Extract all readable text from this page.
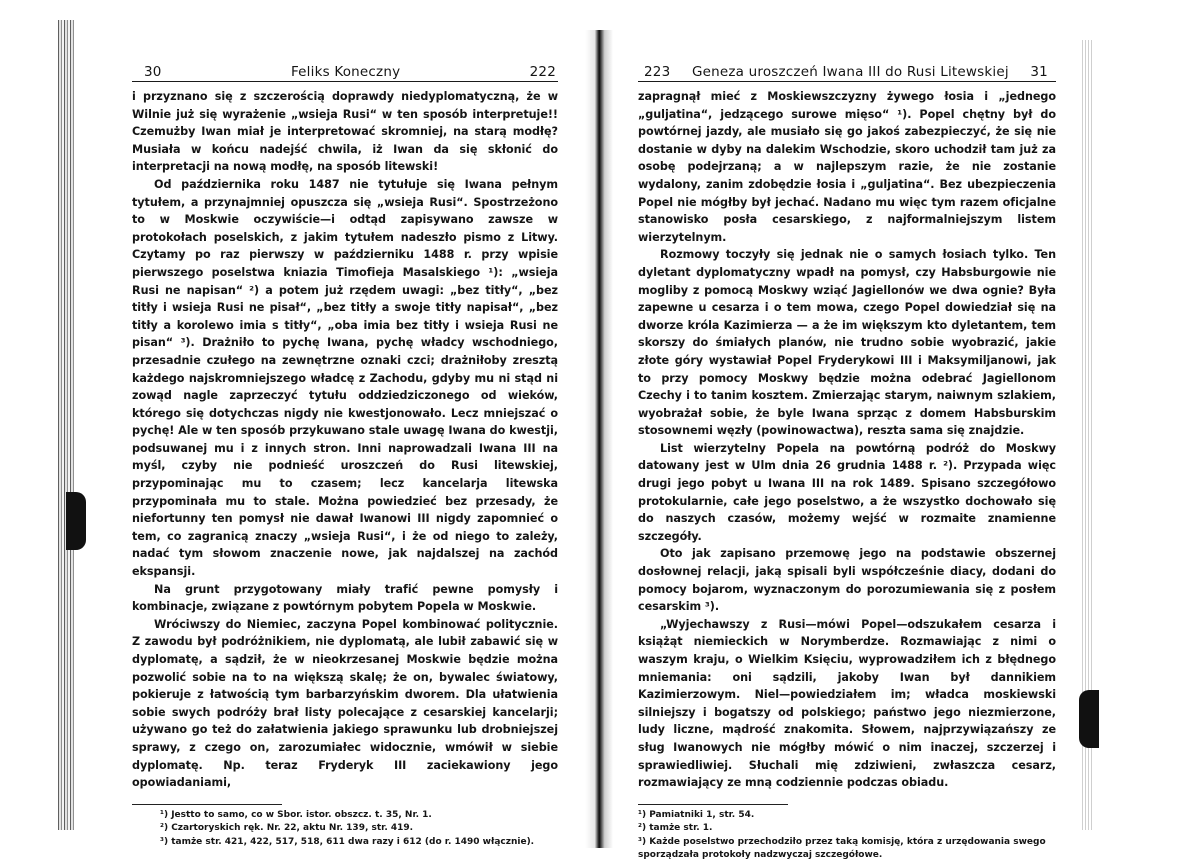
30	Feliks Koneczny	222

i przyznano się z szczerością doprawdy niedyplomatyczną, że w Wilnie już się wyrażenie „wsieja Rusi“ w ten sposób interpretuje!! Czemużby Iwan miał je interpretować skromniej, na starą modłę? Musiała w końcu nadejść chwila, iż Iwan da się skłonić do interpretacji na nową modłę, na sposób litewski!

Od października roku 1487 nie tytułuje się Iwana pełnym tytułem, a przynajmniej opuszcza się „wsieja Rusi“. Spostrzeżono to w Moskwie oczywiście—i odtąd zapisywano zawsze w protokołach poselskich, z jakim tytułem nadeszło pismo z Litwy. Czytamy po raz pierwszy w październiku 1488 r. przy wpisie pierwszego poselstwa kniazia Timofieja Masalskiego ¹): „wsieja Rusi ne napisan“ ²) a potem już rzędem uwagi: „bez titły“, „bez titły i wsieja Rusi ne pisał“, „bez titły a swoje titły napisał“, „bez titły a korolewo imia s titły“, „oba imia bez titły i wsieja Rusi ne pisan“ ³). Drażniło to pychę Iwana, pychę władcy wschodniego, przesadnie czułego na zewnętrzne oznaki czci; drażniłoby zresztą każdego najskromniejszego władcę z Zachodu, gdyby mu ni stąd ni zowąd nagle zaprzeczyć tytułu oddziedziczonego od wieków, którego się dotychczas nigdy nie kwestjonowało. Lecz mniejszać o pychę! Ale w ten sposób przykuwano stale uwagę Iwana do kwestji, podsuwanej mu i z innych stron. Inni naprowadzali Iwana III na myśl, czyby nie podnieść uroszczeń do Rusi litewskiej, przypominając mu to czasem; lecz kancelarja litewska przypominała mu to stale. Można powiedzieć bez przesady, że niefortunny ten pomysł nie dawał Iwanowi III nigdy zapomnieć o tem, co zagranicą znaczy „wsieja Rusi“, i że od niego to zależy, nadać tym słowom znaczenie nowe, jak najdalszej na zachód ekspansji.

Na grunt przygotowany miały trafić pewne pomysły i kombinacje, związane z powtórnym pobytem Popela w Moskwie.

Wróciwszy do Niemiec, zaczyna Popel kombinować politycznie. Z zawodu był podróżnikiem, nie dyplomatą, ale lubił zabawić się w dyplomatę, a sądził, że w nieokrzesanej Moskwie będzie można pozwolić sobie na to na większą skalę; że on, bywalec światowy, pokieruje z łatwością tym barbarzyńskim dworem. Dla ułatwienia sobie swych podróży brał listy polecające z cesarskiej kancelarji; używano go też do załatwienia jakiego sprawunku lub drobniejszej sprawy, z czego on, zarozumiałec widocznie, wmówił w siebie dyplomatę. Np. teraz Fryderyk III zaciekawiony jego opowiadaniami,

¹) Jestto to samo, co w Sbor. istor. obszcz. t. 35, Nr. 1.
²) Czartoryskich ręk. Nr. 22, aktu Nr. 139, str. 419.
³) tamże str. 421, 422, 517, 518, 611 dwa razy i 612 (do r. 1490 włącznie).
223 Geneza uroszczeń Iwana III do Rusi Litewskiej 31

zapragnął mieć z Moskiewszczyzny żywego łosia i „jednego „guljatina“, jedzącego surowe mięso“ ¹). Popel chętny był do powtórnej jazdy, ale musiało się go jakoś zabezpieczyć, że się nie dostanie w dyby na dalekim Wschodzie, skoro uchodził tam już za osobę podejrzaną; a w najlepszym razie, że nie zostanie wydalony, zanim zdobędzie łosia i „guljatina“. Bez ubezpieczenia Popel nie mógłby był jechać. Nadano mu więc tym razem oficjalne stanowisko posła cesarskiego, z najformalniejszym listem wierzytelnym.

Rozmowy toczyły się jednak nie o samych łosiach tylko. Ten dyletant dyplomatyczny wpadł na pomysł, czy Habsburgowie nie mogliby z pomocą Moskwy wziąć Jagiellonów we dwa ognie? Była zapewne u cesarza i o tem mowa, czego Popel dowiedział się na dworze króla Kazimierza — a że im większym kto dyletantem, tem skorszy do śmiałych planów, nie trudno sobie wyobrazić, jakie złote góry wystawiał Popel Fryderykowi III i Maksymiljanowi, jak to przy pomocy Moskwy będzie można odebrać Jagiellonom Czechy i to tanim kosztem. Zmierzając starym, naiwnym szlakiem, wyobrażał sobie, że byle Iwana sprząc z domem Habsburskim stosownemi węzły (powinowactwa), reszta sama się znajdzie.

List wierzytelny Popela na powtórną podróż do Moskwy datowany jest w Ulm dnia 26 grudnia 1488 r. ²). Przypada więc drugi jego pobyt u Iwana III na rok 1489. Spisano szczegółowo protokularnie, całe jego poselstwo, a że wszystko dochowało się do naszych czasów, możemy wejść w rozmaite znamienne szczegóły.

Oto jak zapisano przemowę jego na podstawie obszernej dosłownej relacji, jaką spisali byli współcześnie diacy, dodani do pomocy bojarom, wyznaczonym do porozumiewania się z posłem cesarskim ³).

„Wyjechawszy z Rusi—mówi Popel—odszukałem cesarza i książąt niemieckich w Norymberdze. Rozmawiając z nimi o waszym kraju, o Wielkim Księciu, wyprowadziłem ich z błędnego mniemania: oni sądzili, jakoby Iwan był dannikiem Kazimierzowym. Niel—powiedziałem im; władca moskiewski silniejszy i bogatszy od polskiego; państwo jego niezmierzone, ludy liczne, mądrość znakomita. Słowem, najprzywiązańszy ze sług Iwanowych nie mógłby mówić o nim inaczej, szczerzej i sprawiedliwiej. Słuchali mię zdziwieni, zwłaszcza cesarz, rozmawiający ze mną codziennie podczas obiadu.

¹) Pamiatniki 1, str. 54.
²) tamże str. 1.
³) Każde poselstwo przechodziło przez taką komisję, która z urzędowania swego sporządzała protokoły nadzwyczaj szczegółowe.
